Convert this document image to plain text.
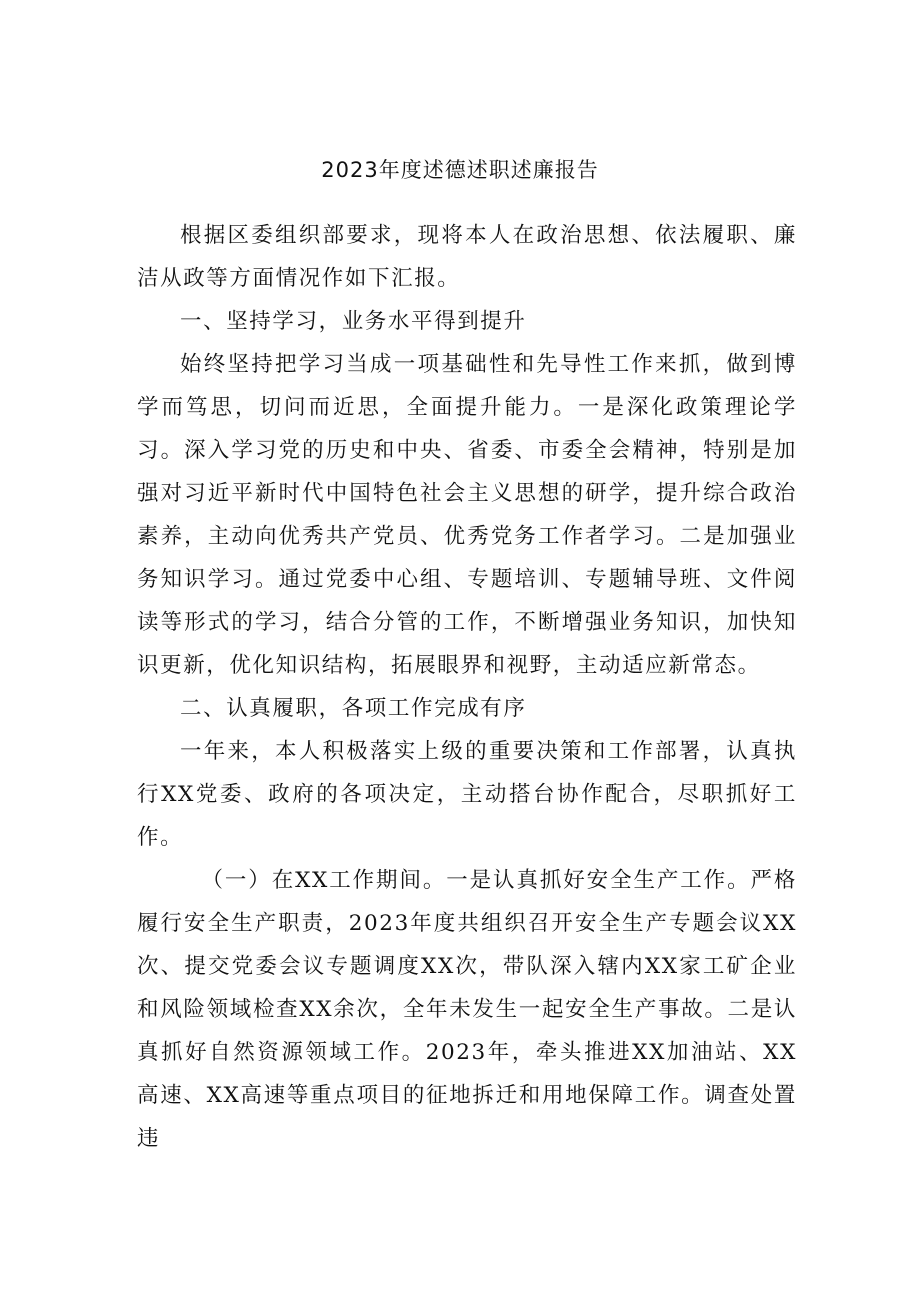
2023年度述德述职述廉报告

根据区委组织部要求，现将本人在政治思想、依法履职、廉洁从政等方面情况作如下汇报。

一、坚持学习，业务水平得到提升

始终坚持把学习当成一项基础性和先导性工作来抓，做到博学而笃思，切问而近思，全面提升能力。一是深化政策理论学习。深入学习党的历史和中央、省委、市委全会精神，特别是加强对习近平新时代中国特色社会主义思想的研学，提升综合政治素养，主动向优秀共产党员、优秀党务工作者学习。二是加强业务知识学习。通过党委中心组、专题培训、专题辅导班、文件阅读等形式的学习，结合分管的工作，不断增强业务知识，加快知识更新，优化知识结构，拓展眼界和视野，主动适应新常态。

二、认真履职，各项工作完成有序

一年来，本人积极落实上级的重要决策和工作部署，认真执行XX党委、政府的各项决定，主动搭台协作配合，尽职抓好工作。

（一）在XX工作期间。一是认真抓好安全生产工作。严格履行安全生产职责，2023年度共组织召开安全生产专题会议XX次、提交党委会议专题调度XX次，带队深入辖内XX家工矿企业和风险领域检查XX余次，全年未发生一起安全生产事故。二是认真抓好自然资源领域工作。2023年，牵头推进XX加油站、XX高速、XX高速等重点项目的征地拆迁和用地保障工作。调查处置违
